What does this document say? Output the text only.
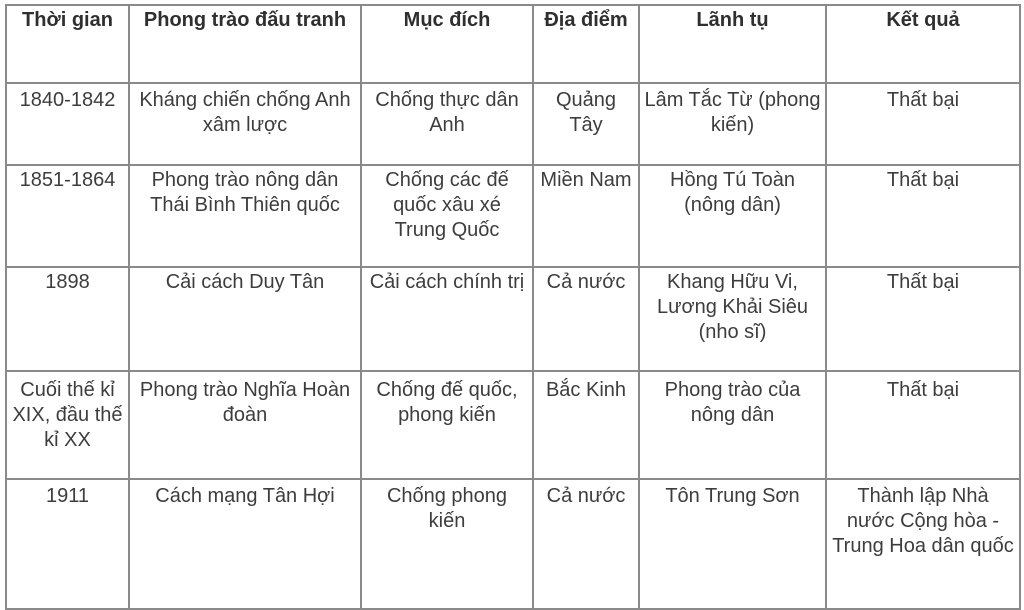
Thời gian	Phong trào đấu tranh	Mục đích	Địa điểm	Lãnh tụ	Kết quả
1840-1842	Kháng chiến chống Anh xâm lược	Chống thực dân Anh	Quảng Tây	Lâm Tắc Từ (phong kiến)	Thất bại
1851-1864	Phong trào nông dân Thái Bình Thiên quốc	Chống các đế quốc xâu xé Trung Quốc	Miền Nam	Hồng Tú Toàn (nông dân)	Thất bại
1898	Cải cách Duy Tân	Cải cách chính trị	Cả nước	Khang Hữu Vi, Lương Khải Siêu (nho sĩ)	Thất bại
Cuối thế kỉ XIX, đầu thế kỉ XX	Phong trào Nghĩa Hoàn đoàn	Chống đế quốc, phong kiến	Bắc Kinh	Phong trào của nông dân	Thất bại
1911	Cách mạng Tân Hợi	Chống phong kiến	Cả nước	Tôn Trung Sơn	Thành lập Nhà nước Cộng hòa - Trung Hoa dân quốc
